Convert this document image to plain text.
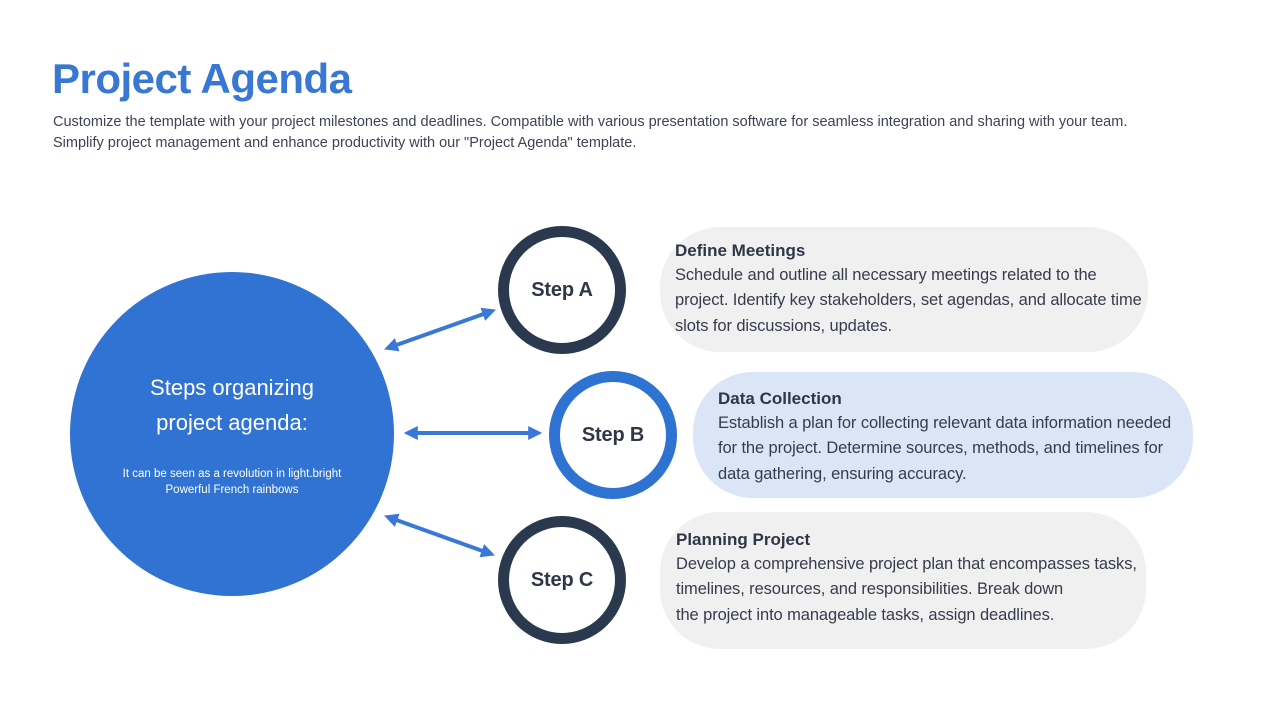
Project Agenda

Customize the template with your project milestones and deadlines. Compatible with various presentation software for seamless integration and sharing with your team.
Simplify project management and enhance productivity with our "Project Agenda" template.

Steps organizing
project agenda:
It can be seen as a revolution in light.bright
Powerful French rainbows
Step A
Step B
Step C
Define Meetings
Schedule and outline all necessary meetings related to the
project. Identify key stakeholders, set agendas, and allocate time
slots for discussions, updates.
Data Collection
Establish a plan for collecting relevant data information needed
for the project. Determine sources, methods, and timelines for
data gathering, ensuring accuracy.
Planning Project
Develop a comprehensive project plan that encompasses tasks,
timelines, resources, and responsibilities. Break down
the project into manageable tasks, assign deadlines.
